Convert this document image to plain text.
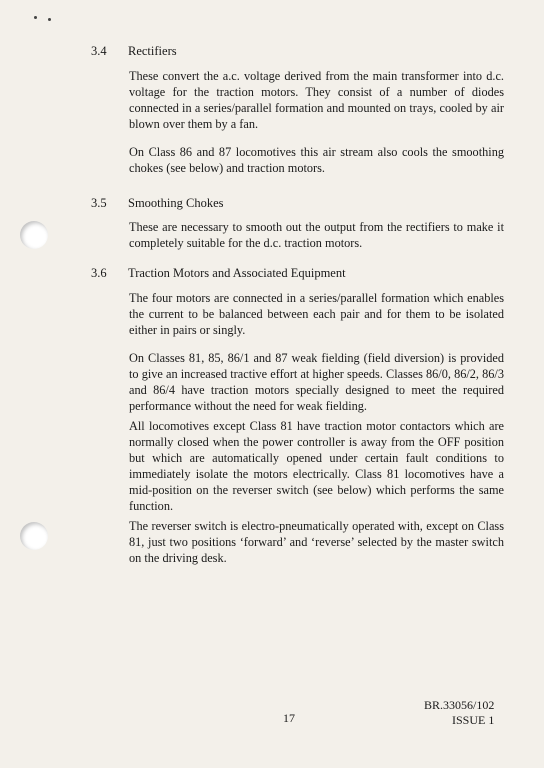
3.4 Rectifiers

These convert the a.c. voltage derived from the main transformer into d.c. voltage for the traction motors. They consist of a number of diodes connected in a series/parallel formation and mounted on trays, cooled by air blown over them by a fan.

On Class 86 and 87 locomotives this air stream also cools the smoothing chokes (see below) and traction motors.

3.5 Smoothing Chokes

These are necessary to smooth out the output from the rectifiers to make it completely suitable for the d.c. traction motors.

3.6 Traction Motors and Associated Equipment

The four motors are connected in a series/parallel formation which enables the current to be balanced between each pair and for them to be isolated either in pairs or singly.

On Classes 81, 85, 86/1 and 87 weak fielding (field diversion) is provided to give an increased tractive effort at higher speeds. Classes 86/0, 86/2, 86/3 and 86/4 have traction motors specially designed to meet the required performance without the need for weak fielding.

All locomotives except Class 81 have traction motor contactors which are normally closed when the power controller is away from the OFF position but which are automatically opened under certain fault conditions to immediately isolate the motors electrically. Class 81 locomotives have a mid-position on the reverser switch (see below) which performs the same function.

The reverser switch is electro-pneumatically operated with, except on Class 81, just two positions ‘forward’ and ‘reverse’ selected by the master switch on the driving desk.

17
BR.33056/102
ISSUE 1
